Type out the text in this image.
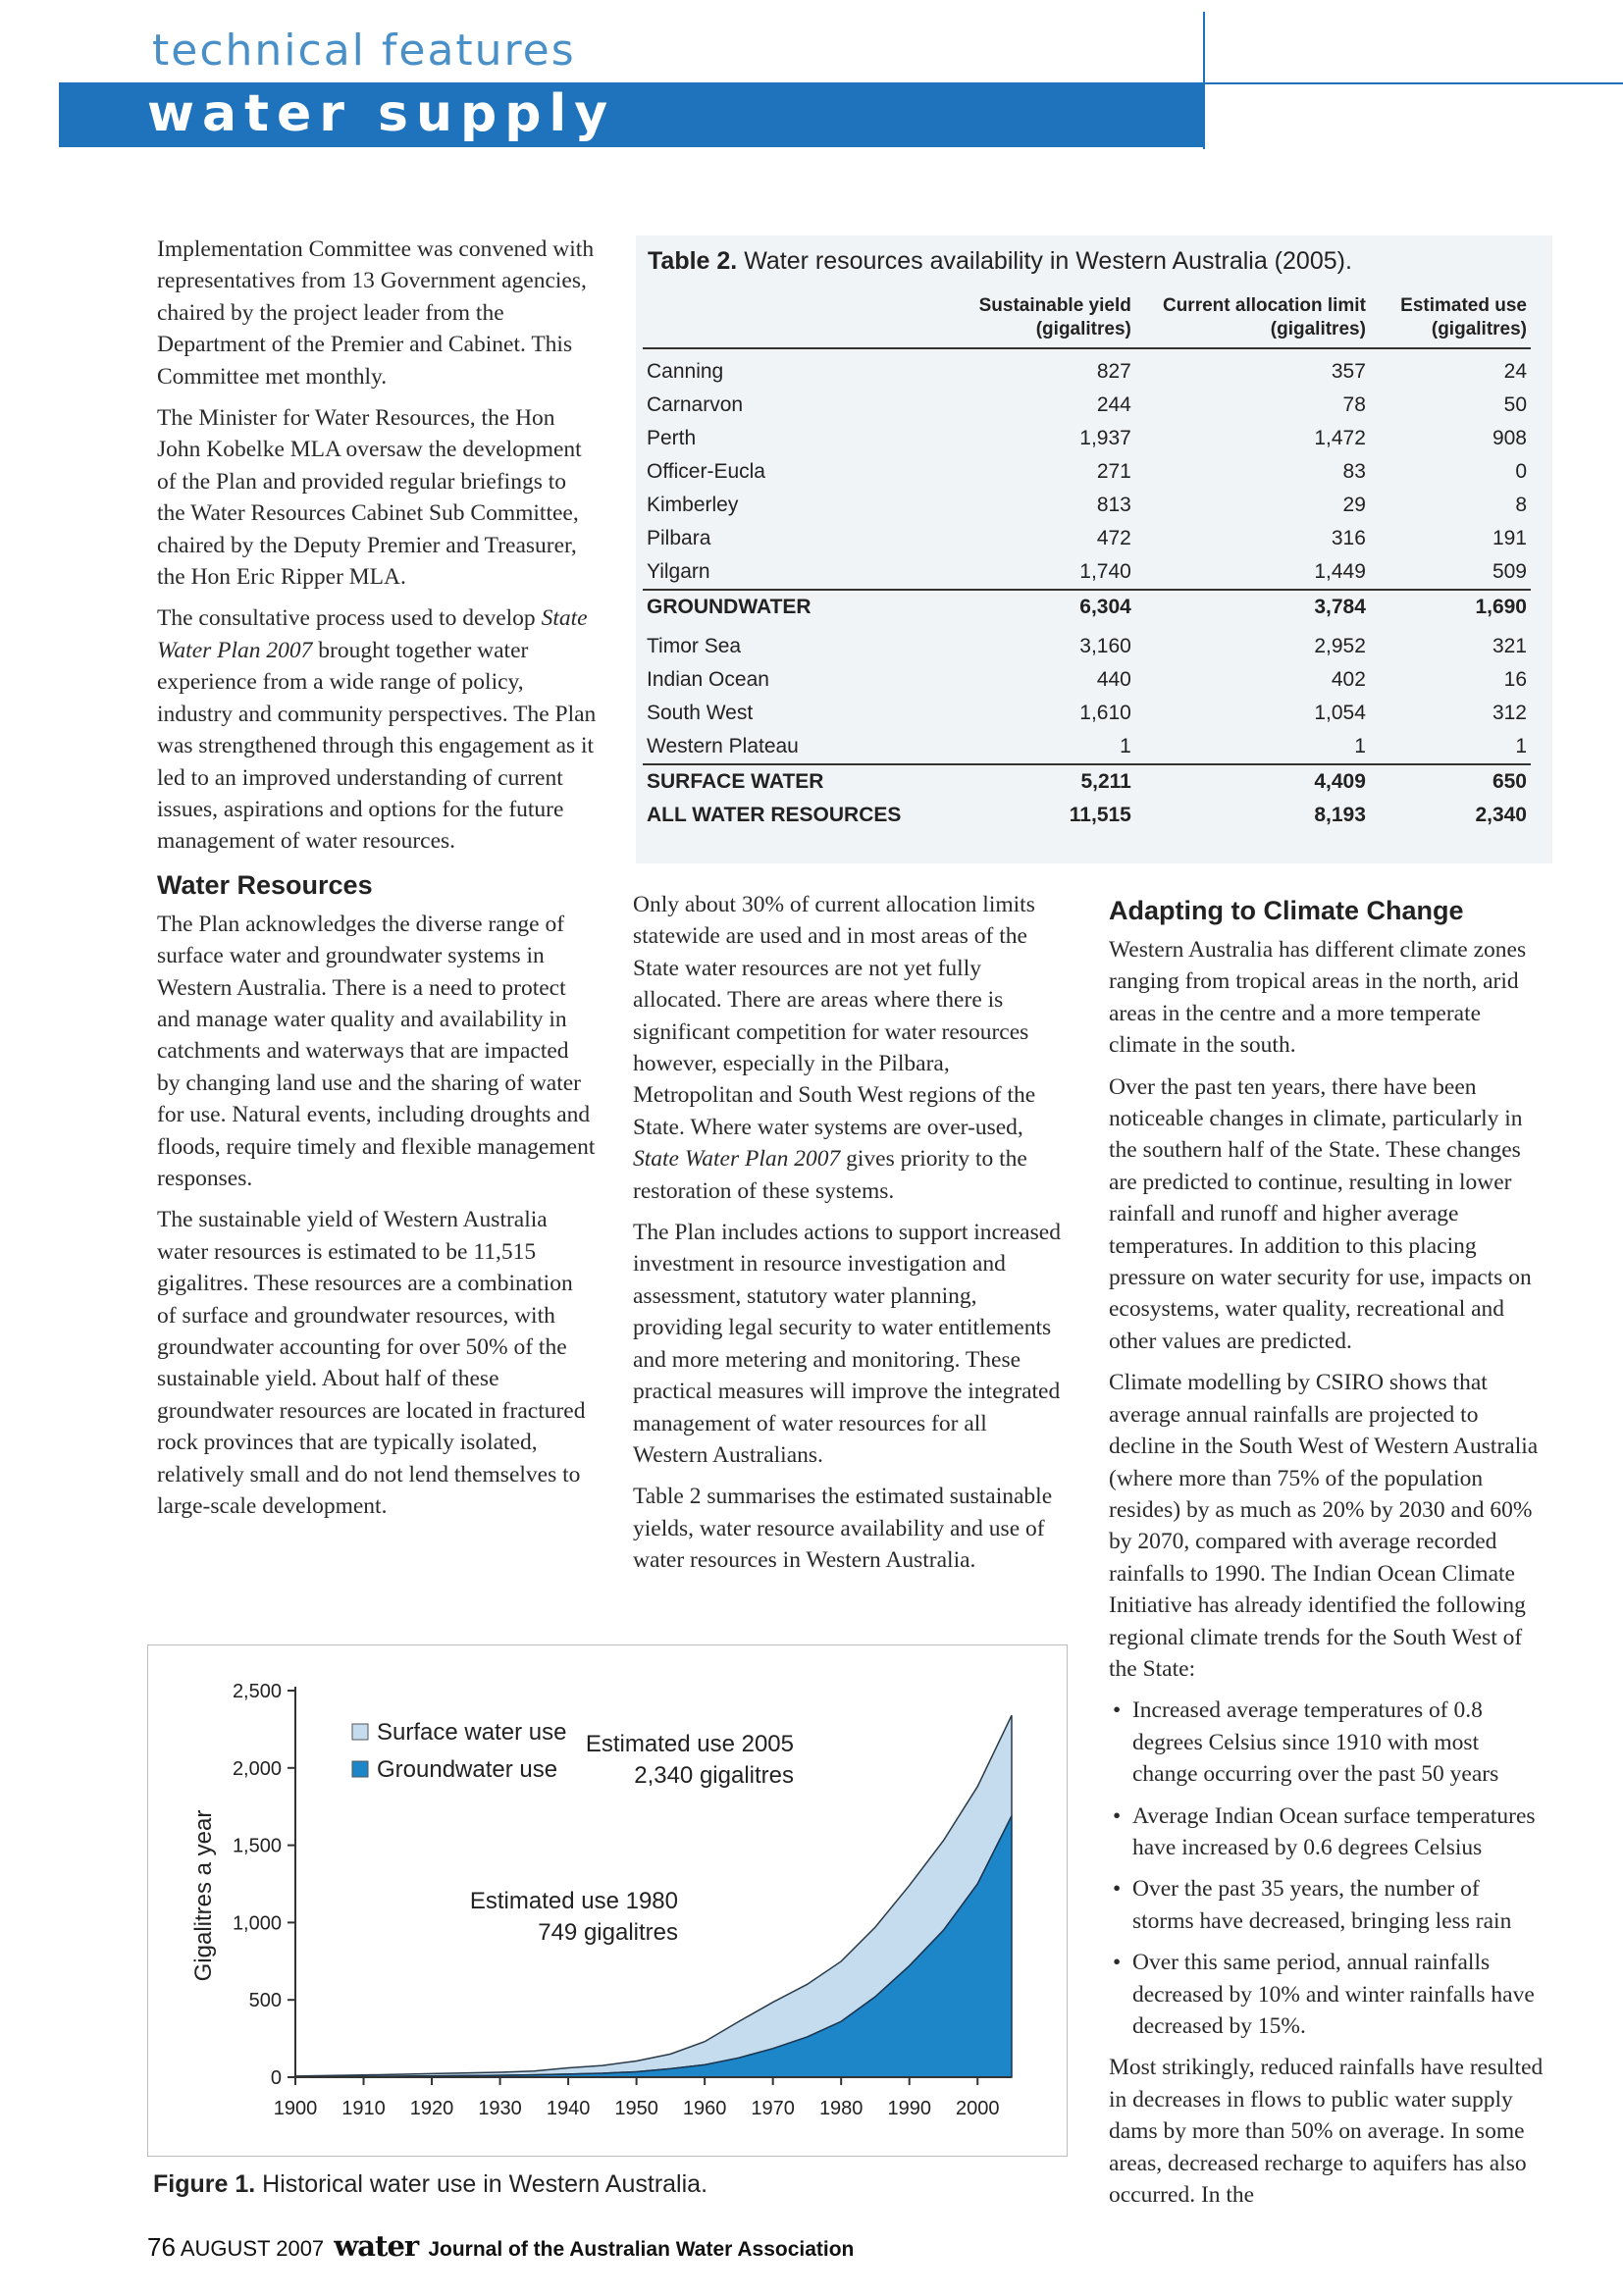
technical features
water supply

Implementation Committee was convened with representatives from 13 Government agencies, chaired by the project leader from the Department of the Premier and Cabinet. This Committee met monthly.

The Minister for Water Resources, the Hon John Kobelke MLA oversaw the development of the Plan and provided regular briefings to the Water Resources Cabinet Sub Committee, chaired by the Deputy Premier and Treasurer, the Hon Eric Ripper MLA.

The consultative process used to develop State Water Plan 2007 brought together water experience from a wide range of policy, industry and community perspectives. The Plan was strengthened through this engagement as it led to an improved understanding of current issues, aspirations and options for the future management of water resources.

Water Resources

The Plan acknowledges the diverse range of surface water and groundwater systems in Western Australia. There is a need to protect and manage water quality and availability in catchments and waterways that are impacted by changing land use and the sharing of water for use. Natural events, including droughts and floods, require timely and flexible management responses.

The sustainable yield of Western Australia water resources is estimated to be 11,515 gigalitres. These resources are a combination of surface and groundwater resources, with groundwater accounting for over 50% of the sustainable yield. About half of these groundwater resources are located in fractured rock provinces that are typically isolated, relatively small and do not lend themselves to large-scale development.

Table 2. Water resources availability in Western Australia (2005).
	Sustainable yield (gigalitres)	Current allocation limit (gigalitres)	Estimated use (gigalitres)
Canning	827	357	24
Carnarvon	244	78	50
Perth	1,937	1,472	908
Officer-Eucla	271	83	0
Kimberley	813	29	8
Pilbara	472	316	191
Yilgarn	1,740	1,449	509
GROUNDWATER	6,304	3,784	1,690
Timor Sea	3,160	2,952	321
Indian Ocean	440	402	16
South West	1,610	1,054	312
Western Plateau	1	1	1
SURFACE WATER	5,211	4,409	650
ALL WATER RESOURCES	11,515	8,193	2,340

Only about 30% of current allocation limits statewide are used and in most areas of the State water resources are not yet fully allocated. There are areas where there is significant competition for water resources however, especially in the Pilbara, Metropolitan and South West regions of the State. Where water systems are over-used, State Water Plan 2007 gives priority to the restoration of these systems.

The Plan includes actions to support increased investment in resource investigation and assessment, statutory water planning, providing legal security to water entitlements and more metering and monitoring. These practical measures will improve the integrated management of water resources for all Western Australians.

Table 2 summarises the estimated sustainable yields, water resource availability and use of water resources in Western Australia.

Adapting to Climate Change

Western Australia has different climate zones ranging from tropical areas in the north, arid areas in the centre and a more temperate climate in the south.

Over the past ten years, there have been noticeable changes in climate, particularly in the southern half of the State. These changes are predicted to continue, resulting in lower rainfall and runoff and higher average temperatures. In addition to this placing pressure on water security for use, impacts on ecosystems, water quality, recreational and other values are predicted.

Climate modelling by CSIRO shows that average annual rainfalls are projected to decline in the South West of Western Australia (where more than 75% of the population resides) by as much as 20% by 2030 and 60% by 2070, compared with average recorded rainfalls to 1990. The Indian Ocean Climate Initiative has already identified the following regional climate trends for the South West of the State:

•  Increased average temperatures of 0.8 degrees Celsius since 1910 with most change occurring over the past 50 years
•  Average Indian Ocean surface temperatures have increased by 0.6 degrees Celsius
•  Over the past 35 years, the number of storms have decreased, bringing less rain
•  Over this same period, annual rainfalls decreased by 10% and winter rainfalls have decreased by 15%.

Most strikingly, reduced rainfalls have resulted in decreases in flows to public water supply dams by more than 50% on average. In some areas, decreased recharge to aquifers has also occurred. In the

0
500
1,000
1,500
2,000
2,500
1900 1910 1920 1930 1940 1950 1960 1970 1980 1990 2000
Gigalitres a year
Surface water use
Groundwater use
Estimated use 2005
2,340 gigalitres
Estimated use 1980
749 gigalitres
Figure 1. Historical water use in Western Australia.
76 AUGUST 2007 water Journal of the Australian Water Association
